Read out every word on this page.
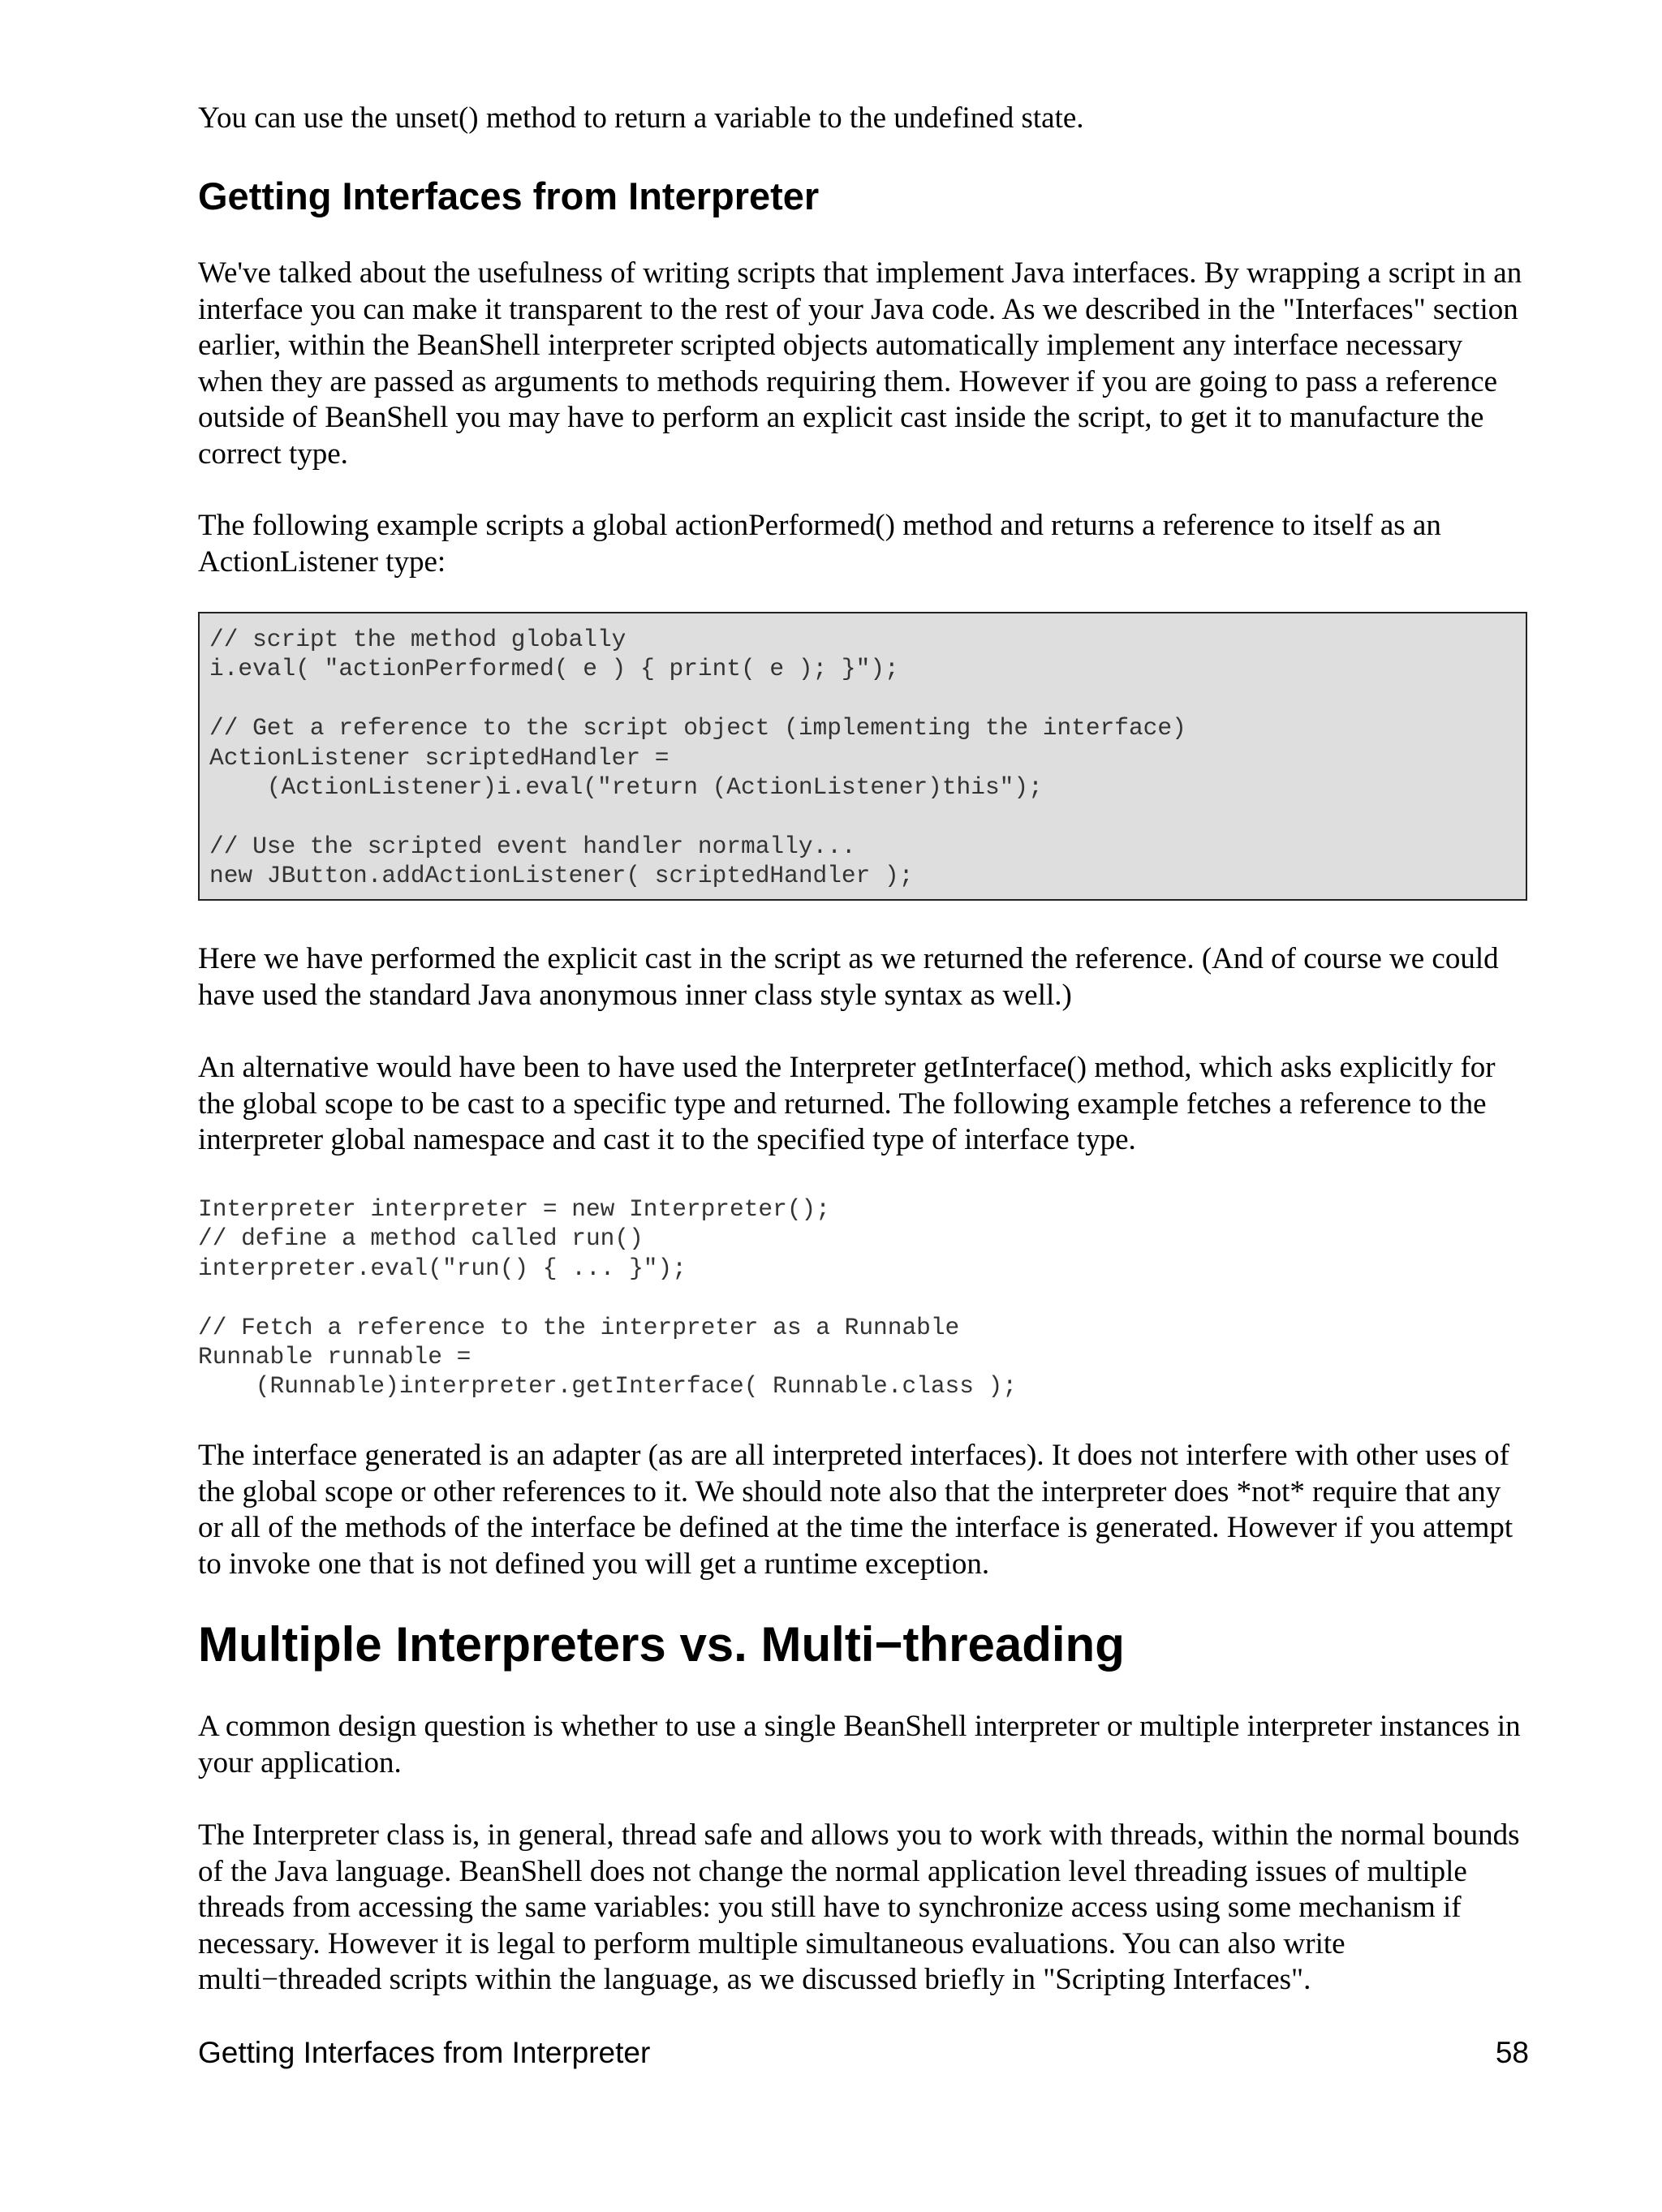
You can use the unset() method to return a variable to the undefined state.

Getting Interfaces from Interpreter

We've talked about the usefulness of writing scripts that implement Java interfaces. By wrapping a script in an interface you can make it transparent to the rest of your Java code. As we described in the "Interfaces" section earlier, within the BeanShell interpreter scripted objects automatically implement any interface necessary when they are passed as arguments to methods requiring them. However if you are going to pass a reference outside of BeanShell you may have to perform an explicit cast inside the script, to get it to manufacture the correct type.

The following example scripts a global actionPerformed() method and returns a reference to itself as an ActionListener type:

// script the method globally
i.eval( "actionPerformed( e ) { print( e ); }");

// Get a reference to the script object (implementing the interface)
ActionListener scriptedHandler =
(ActionListener)i.eval("return (ActionListener)this");

// Use the scripted event handler normally...
new JButton.addActionListener( scriptedHandler );

Here we have performed the explicit cast in the script as we returned the reference. (And of course we could have used the standard Java anonymous inner class style syntax as well.)

An alternative would have been to have used the Interpreter getInterface() method, which asks explicitly for the global scope to be cast to a specific type and returned. The following example fetches a reference to the interpreter global namespace and cast it to the specified type of interface type.

Interpreter interpreter = new Interpreter();
// define a method called run()
interpreter.eval("run() { ... }");

// Fetch a reference to the interpreter as a Runnable
Runnable runnable =
(Runnable)interpreter.getInterface( Runnable.class );

The interface generated is an adapter (as are all interpreted interfaces). It does not interfere with other uses of the global scope or other references to it. We should note also that the interpreter does *not* require that any or all of the methods of the interface be defined at the time the interface is generated. However if you attempt to invoke one that is not defined you will get a runtime exception.

Multiple Interpreters vs. Multi−threading

A common design question is whether to use a single BeanShell interpreter or multiple interpreter instances in your application.

The Interpreter class is, in general, thread safe and allows you to work with threads, within the normal bounds of the Java language. BeanShell does not change the normal application level threading issues of multiple threads from accessing the same variables: you still have to synchronize access using some mechanism if necessary. However it is legal to perform multiple simultaneous evaluations. You can also write multi−threaded scripts within the language, as we discussed briefly in "Scripting Interfaces".

Getting Interfaces from Interpreter	58
